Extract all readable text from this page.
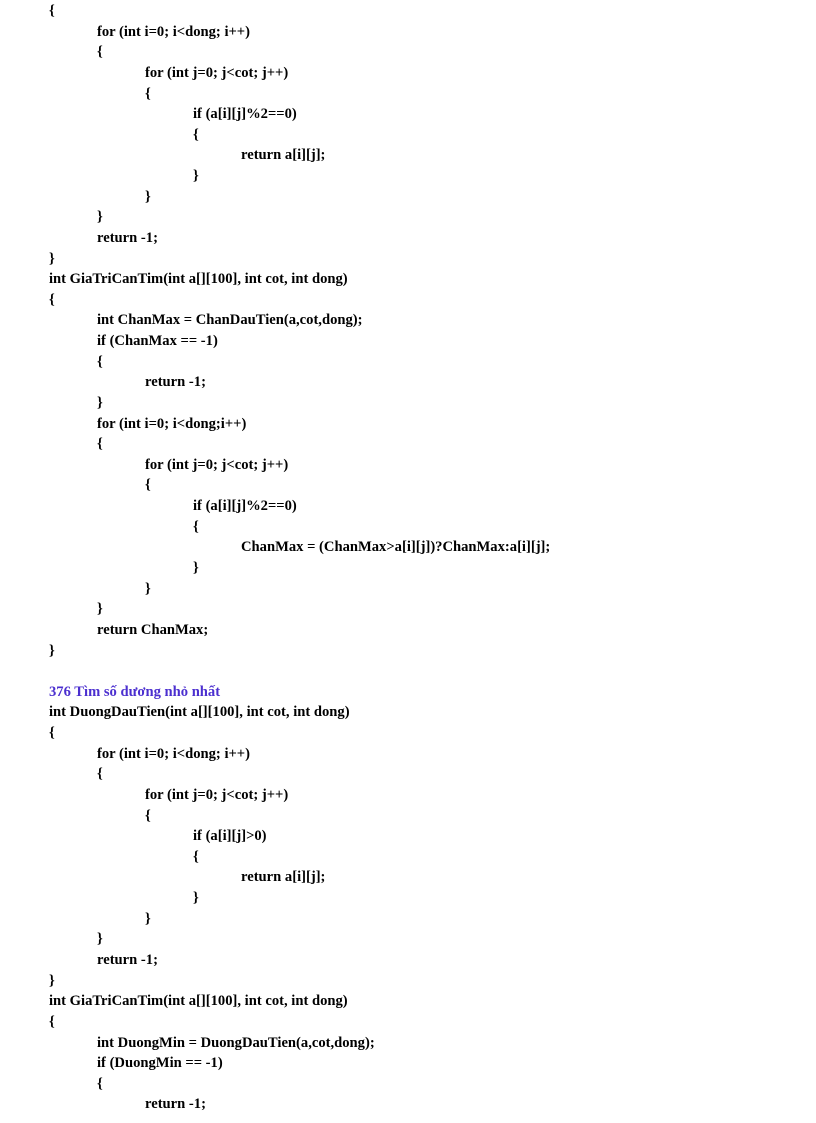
{
for (int i=0; i<dong; i++)
{
for (int j=0; j<cot; j++)
{
if (a[i][j]%2==0)
{
return a[i][j];
}
}
}
return -1;
}
int GiaTriCanTim(int a[][100], int cot, int dong)
{
int ChanMax = ChanDauTien(a,cot,dong);
if (ChanMax == -1)
{
return -1;
}
for (int i=0; i<dong;i++)
{
for (int j=0; j<cot; j++)
{
if (a[i][j]%2==0)
{
ChanMax = (ChanMax>a[i][j])?ChanMax:a[i][j];
}
}
}
return ChanMax;
}
376 Tìm số dương nhỏ nhất
int DuongDauTien(int a[][100], int cot, int dong)
{
for (int i=0; i<dong; i++)
{
for (int j=0; j<cot; j++)
{
if (a[i][j]>0)
{
return a[i][j];
}
}
}
return -1;
}
int GiaTriCanTim(int a[][100], int cot, int dong)
{
int DuongMin = DuongDauTien(a,cot,dong);
if (DuongMin == -1)
{
return -1;
